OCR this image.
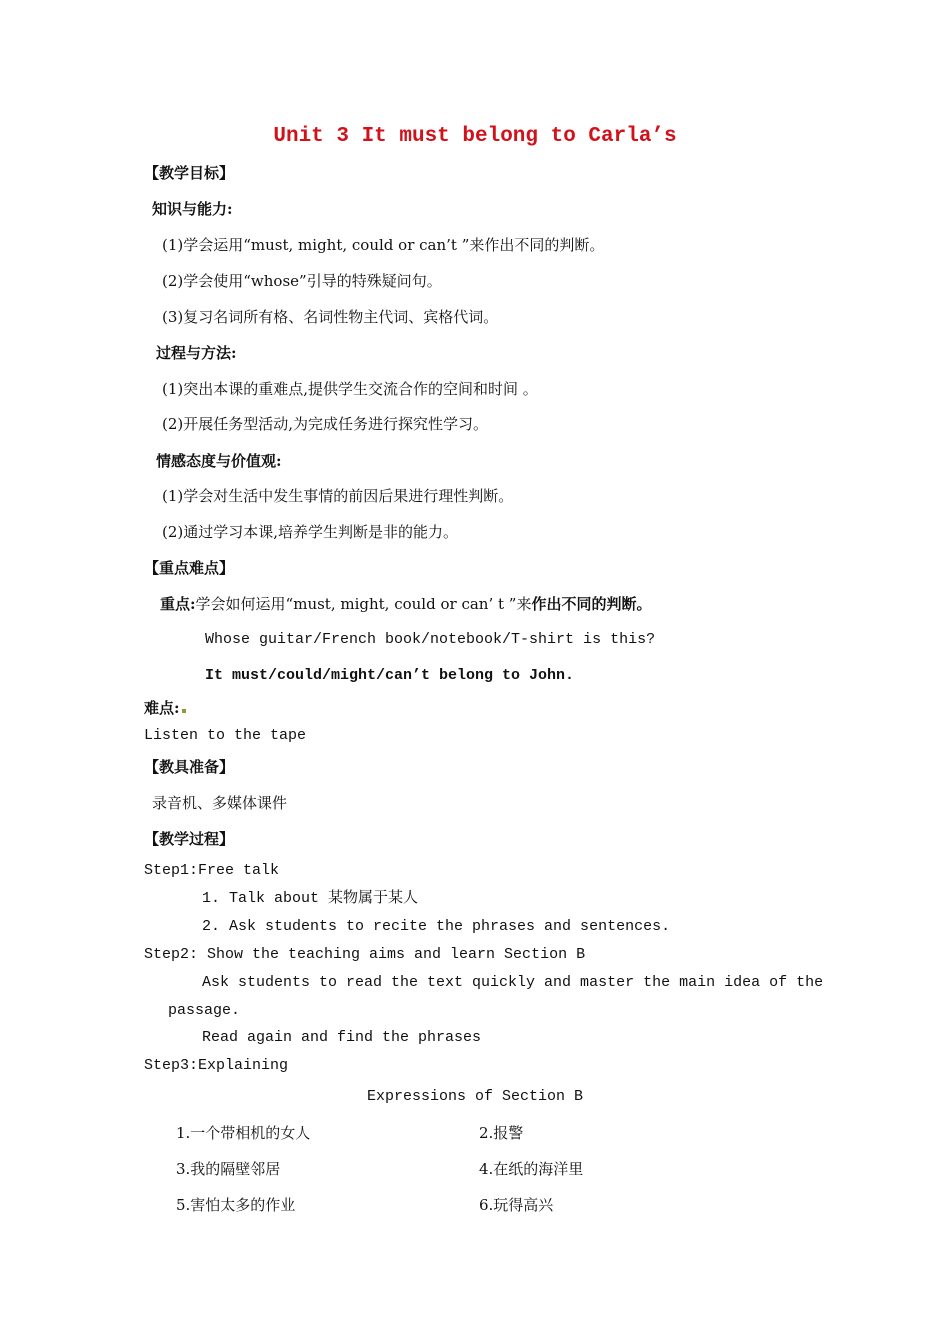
Unit 3 It must belong to Carla’s
【教学目标】
知识与能力:
(1)学会运用“must, might, could or can’t ”来作出不同的判断。
(2)学会使用“whose”引导的特殊疑问句。
(3)复习名词所有格、名词性物主代词、宾格代词。
过程与方法:
(1)突出本课的重难点,提供学生交流合作的空间和时间 。
(2)开展任务型活动,为完成任务进行探究性学习。
情感态度与价值观:
(1)学会对生活中发生事情的前因后果进行理性判断。
(2)通过学习本课,培养学生判断是非的能力。
【重点难点】
重点:学会如何运用“must, might, could or can’ t ”来作出不同的判断。
Whose guitar/French book/notebook/T-shirt is this?
It must/could/might/can’t belong to John.
难点:
Listen to the tape
【教具准备】
录音机、多媒体课件
【教学过程】
Step1:Free talk
1. Talk about 某物属于某人
2. Ask students to recite the phrases and sentences.
Step2: Show the teaching aims and learn Section B
Ask students to read the text quickly and master the main idea of the
passage.
Read again and find the phrases
Step3:Explaining
Expressions of Section B
1.一个带相机的女人	2.报警
3.我的隔壁邻居	4.在纸的海洋里
5.害怕太多的作业	6.玩得高兴
